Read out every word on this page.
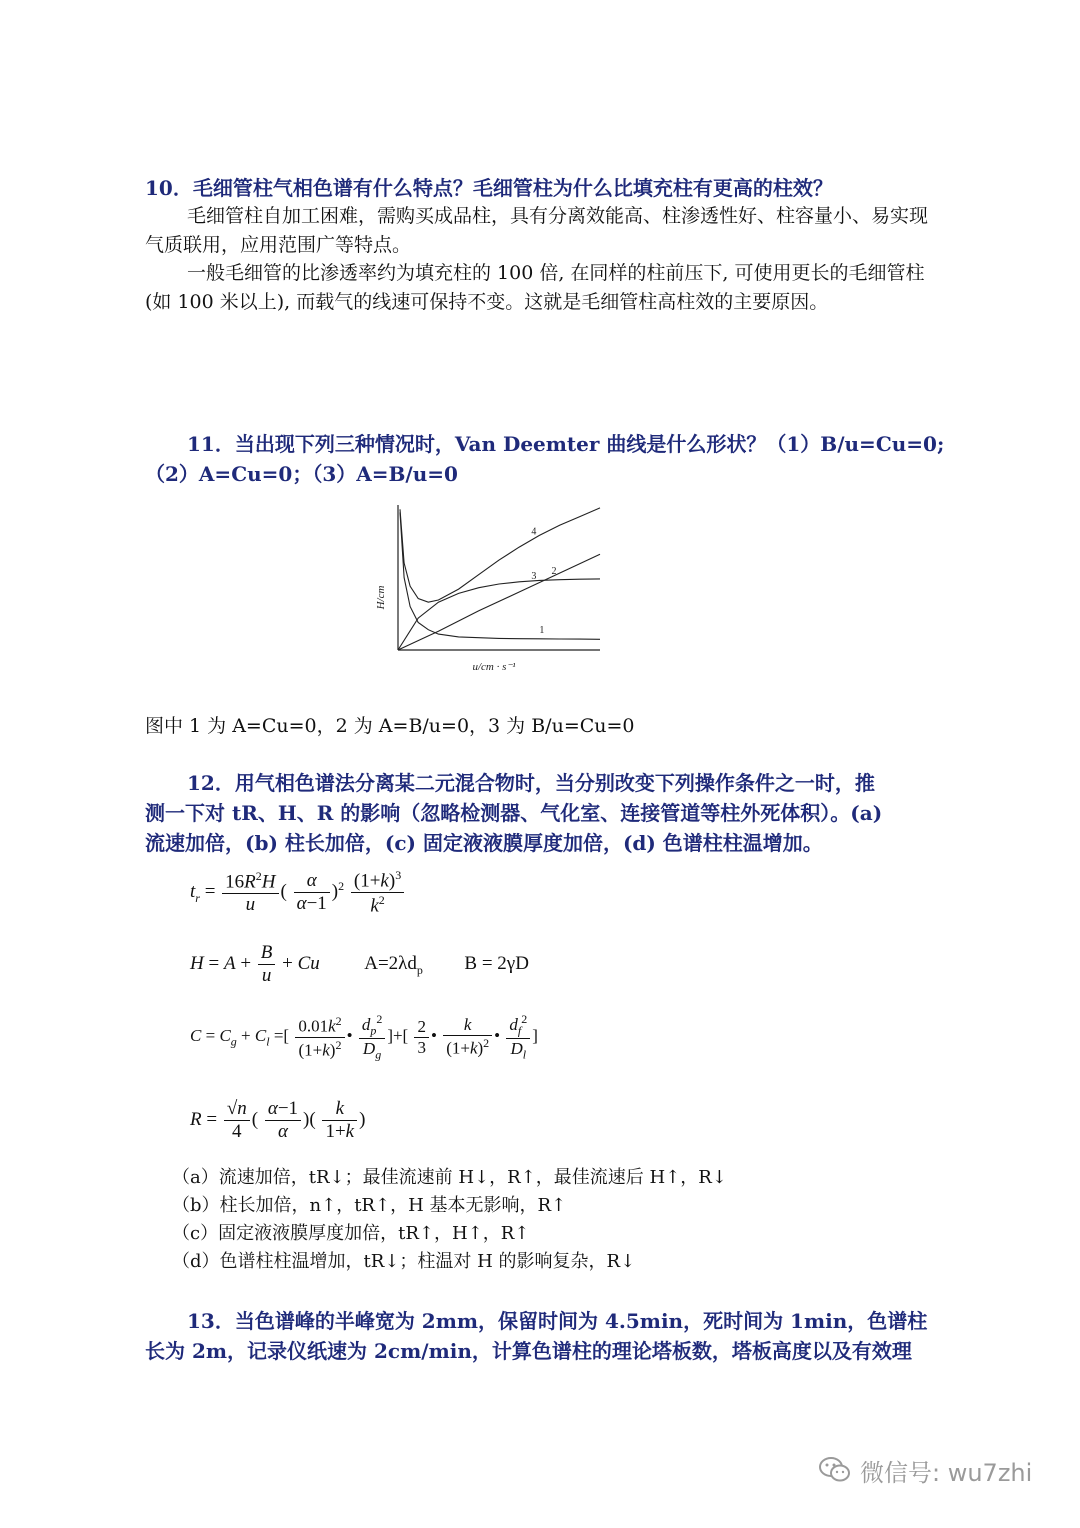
10．毛细管柱气相色谱有什么特点？毛细管柱为什么比填充柱有更高的柱效？
毛细管柱自加工困难，需购买成品柱，具有分离效能高、柱渗透性好、柱容量小、易实现气质联用，应用范围广等特点。
一般毛细管的比渗透率约为填充柱的 100 倍, 在同样的柱前压下, 可使用更长的毛细管柱(如 100 米以上), 而载气的线速可保持不变。这就是毛细管柱高柱效的主要原因。
11．当出现下列三种情况时，Van Deemter 曲线是什么形状？（1）B/u=Cu=0;
（2）A=Cu=0；（3）A=B/u=0
u/cm · s⁻¹
H/cm
1
2
3
4
图中 1 为 A=Cu=0，2 为 A=B/u=0，3 为 B/u=Cu=0
12．用气相色谱法分离某二元混合物时，当分别改变下列操作条件之一时，推
测一下对 tR、H、R 的影响（忽略检测器、气化室、连接管道等柱外死体积）。(a)
流速加倍，(b) 柱长加倍，(c) 固定液液膜厚度加倍，(d) 色谱柱柱温增加。
$t_r = \frac{16R^2H}{u}$ ( $\frac{\alpha}{\alpha-1} )^2 \frac{(1+k)^3}{k^2}$
$H = A + \frac{B}{u} + Cu$ $A=2\lambda d_p$ B = 2γD
$C = C_g + C_l$ =[ $\frac{0.01k^2}{(1+k)^2}$ • $\frac{d_p^2}{D_g}$ ]+[ $\frac{2}{3}$ • $\frac{k}{(1+k)^2}$ • $\frac{d_f^2}{D_l}$ ]
$R = \frac{√n}{4}$ ( $\frac{\alpha-1}{\alpha}$ )( $\frac{k}{1+k}$ )
（a）流速加倍，tR↓；最佳流速前 H↓，R↑，最佳流速后 H↑，R↓
（b）柱长加倍，n↑，tR↑，H 基本无影响，R↑
（c）固定液液膜厚度加倍，tR↑，H↑，R↑
（d）色谱柱柱温增加，tR↓；柱温对 H 的影响复杂，R↓
13．当色谱峰的半峰宽为 2mm，保留时间为 4.5min，死时间为 1min，色谱柱
长为 2m，记录仪纸速为 2cm/min，计算色谱柱的理论塔板数，塔板高度以及有效理
微信号: wu7zhi
